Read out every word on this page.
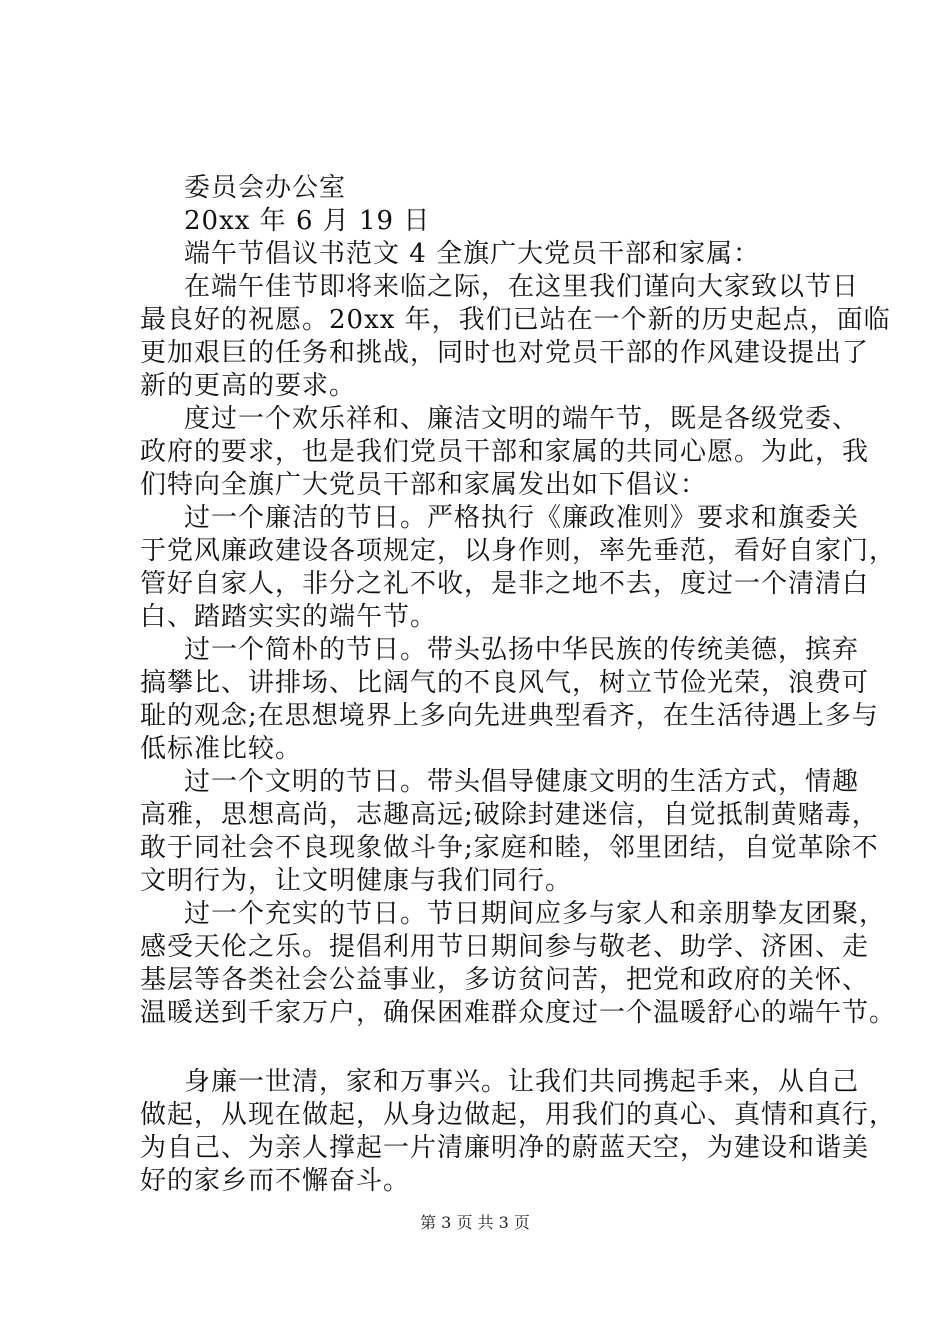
委员会办公室
20xx 年 6 月 19 日
端午节倡议书范文 4 全旗广大党员干部和家属：
在端午佳节即将来临之际，在这里我们谨向大家致以节日
最良好的祝愿。20xx 年，我们已站在一个新的历史起点，面临
更加艰巨的任务和挑战，同时也对党员干部的作风建设提出了
新的更高的要求。
度过一个欢乐祥和、廉洁文明的端午节，既是各级党委、
政府的要求，也是我们党员干部和家属的共同心愿。为此，我
们特向全旗广大党员干部和家属发出如下倡议：
过一个廉洁的节日。严格执行《廉政准则》要求和旗委关
于党风廉政建设各项规定，以身作则，率先垂范，看好自家门，
管好自家人，非分之礼不收，是非之地不去，度过一个清清白
白、踏踏实实的端午节。
过一个简朴的节日。带头弘扬中华民族的传统美德，摈弃
搞攀比、讲排场、比阔气的不良风气，树立节俭光荣，浪费可
耻的观念;在思想境界上多向先进典型看齐，在生活待遇上多与
低标准比较。
过一个文明的节日。带头倡导健康文明的生活方式，情趣
高雅，思想高尚，志趣高远;破除封建迷信，自觉抵制黄赌毒，
敢于同社会不良现象做斗争;家庭和睦，邻里团结，自觉革除不
文明行为，让文明健康与我们同行。
过一个充实的节日。节日期间应多与家人和亲朋挚友团聚，
感受天伦之乐。提倡利用节日期间参与敬老、助学、济困、走
基层等各类社会公益事业，多访贫问苦，把党和政府的关怀、
温暖送到千家万户，确保困难群众度过一个温暖舒心的端午节。
身廉一世清，家和万事兴。让我们共同携起手来，从自己
做起，从现在做起，从身边做起，用我们的真心、真情和真行，
为自己、为亲人撑起一片清廉明净的蔚蓝天空，为建设和谐美
好的家乡而不懈奋斗。
第 3 页 共 3 页
